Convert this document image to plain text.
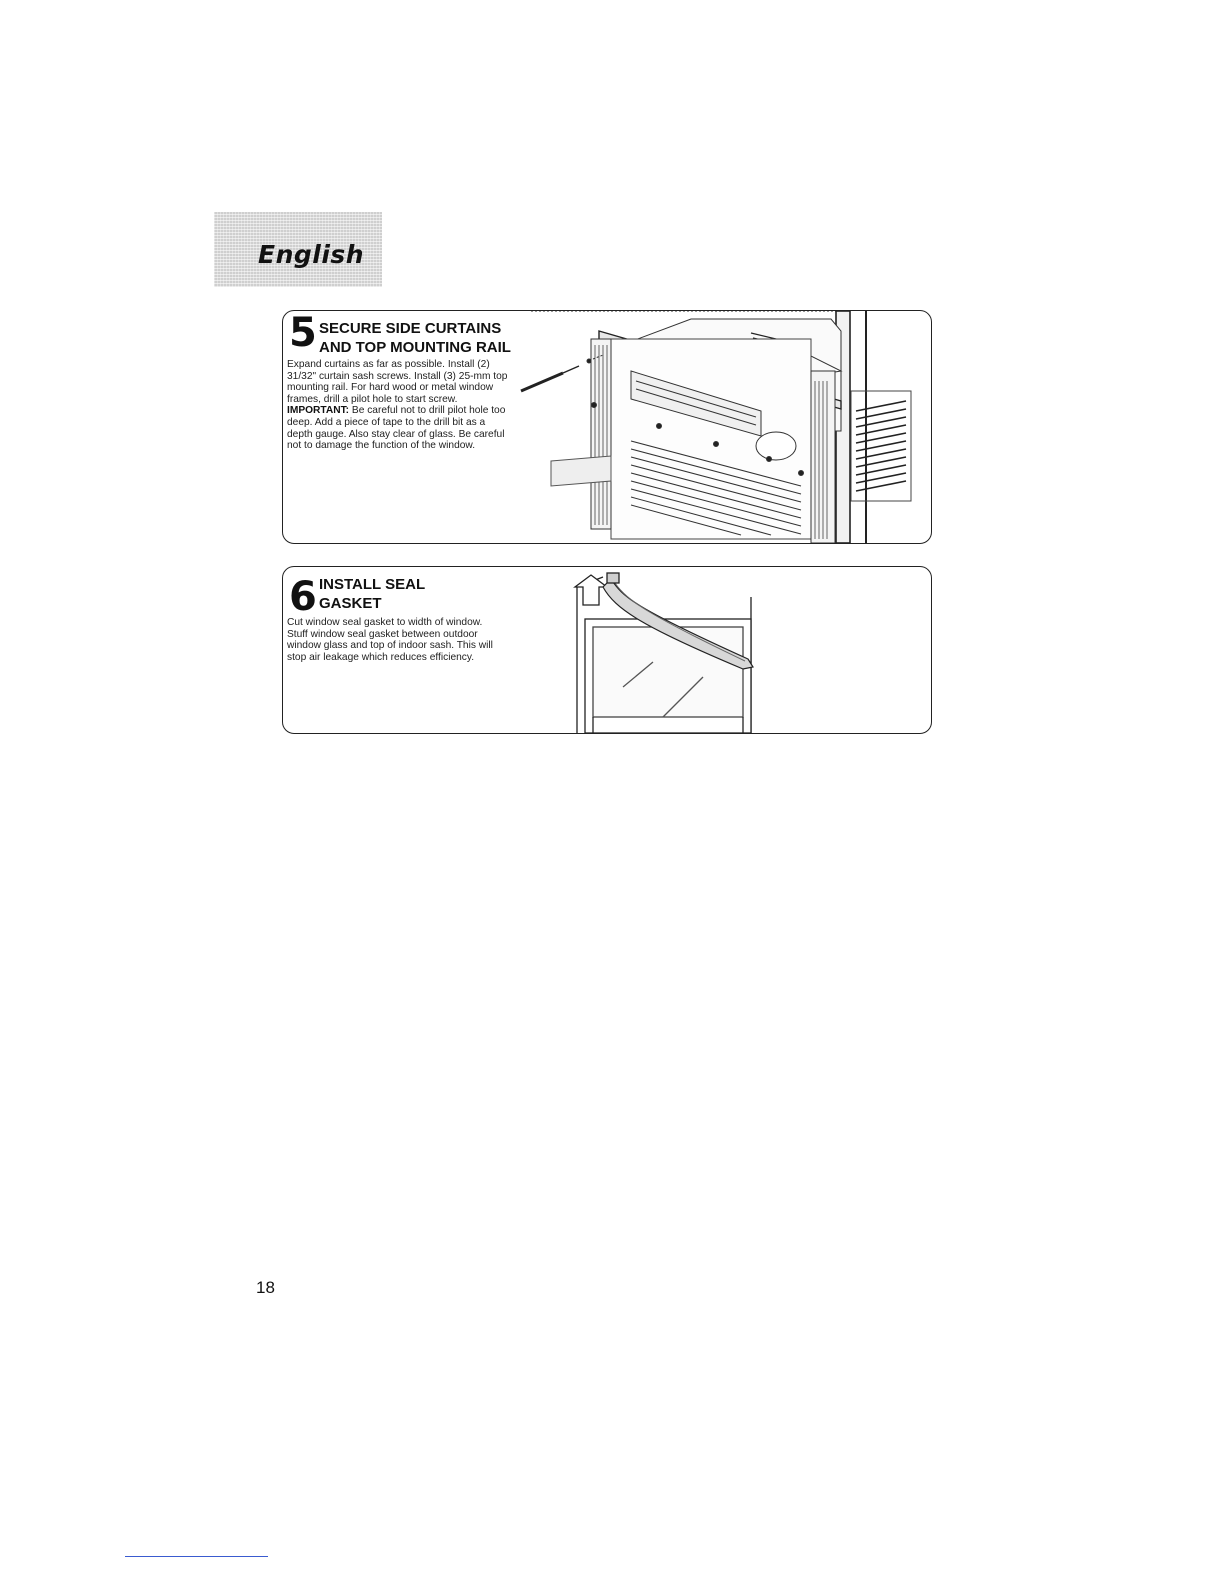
English
5 SECURE SIDE CURTAINS
AND TOP MOUNTING RAIL
Expand curtains as far as possible. Install (2) 31/32" curtain sash screws. Install (3) 25-mm top mounting rail. For hard wood or metal window frames, drill a pilot hole to start screw. IMPORTANT: Be careful not to drill pilot hole too deep. Add a piece of tape to the drill bit as a depth gauge. Also stay clear of glass. Be careful not to damage the function of the window.
6 INSTALL SEAL
GASKET
Cut window seal gasket to width of window. Stuff window seal gasket between outdoor window glass and top of indoor sash. This will stop air leakage which reduces efficiency.
18
